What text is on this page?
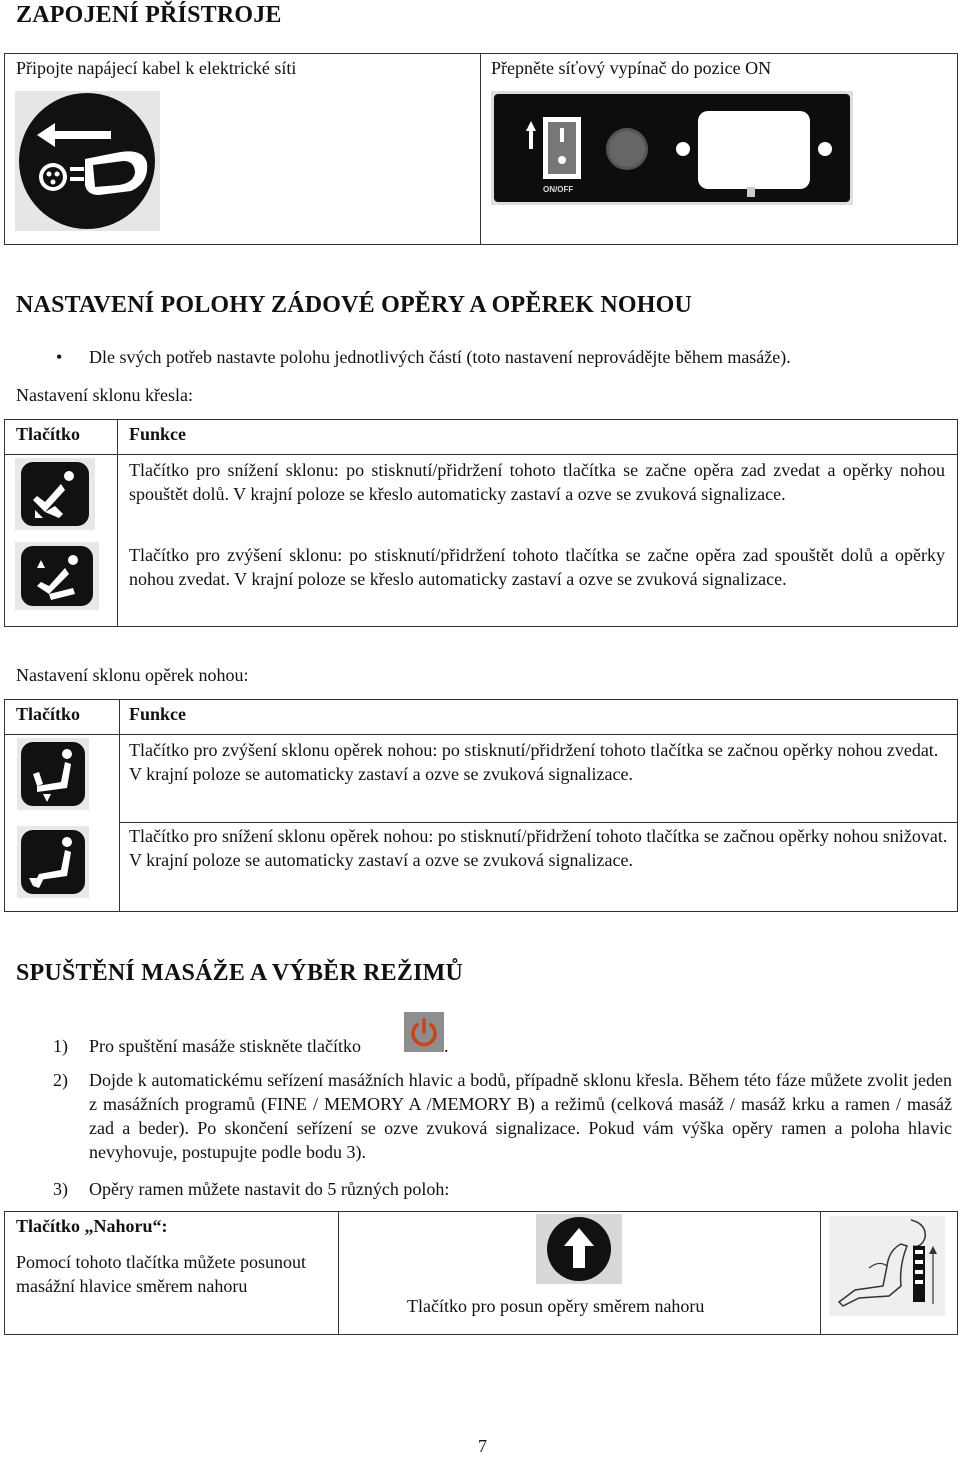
ZAPOJENÍ PŘÍSTROJE
Připojte napájecí kabel k elektrické síti	Přepněte síťový vypínač do pozice ON
ON/OFF
NASTAVENÍ POLOHY ZÁDOVÉ OPĚRY A OPĚREK NOHOU
• Dle svých potřeb nastavte polohu jednotlivých částí (toto nastavení neprovádějte během masáže).
Nastavení sklonu křesla:
Tlačítko	Funkce
Tlačítko pro snížení sklonu: po stisknutí/přidržení tohoto tlačítka se začne opěra zad zvedat a opěrky nohou spouštět dolů. V krajní poloze se křeslo automaticky zastaví a ozve se zvuková signalizace.
Tlačítko pro zvýšení sklonu: po stisknutí/přidržení tohoto tlačítka se začne opěra zad spouštět dolů a opěrky nohou zvedat. V krajní poloze se křeslo automaticky zastaví a ozve se zvuková signalizace.
Nastavení sklonu opěrek nohou:
Tlačítko	Funkce
Tlačítko pro zvýšení sklonu opěrek nohou: po stisknutí/přidržení tohoto tlačítka se začnou opěrky nohou zvedat. V krajní poloze se automaticky zastaví a ozve se zvuková signalizace.
Tlačítko pro snížení sklonu opěrek nohou: po stisknutí/přidržení tohoto tlačítka se začnou opěrky nohou snižovat. V krajní poloze se automaticky zastaví a ozve se zvuková signalizace.
SPUŠTĚNÍ MASÁŽE A VÝBĚR REŽIMŮ
1) Pro spuštění masáže stiskněte tlačítko	.
2) Dojde k automatickému seřízení masážních hlavic a bodů, případně sklonu křesla. Během této fáze můžete zvolit jeden z masážních programů (FINE / MEMORY A /MEMORY B) a režimů (celková masáž / masáž krku a ramen / masáž zad a beder). Po skončení seřízení se ozve zvuková signalizace. Pokud vám výška opěry ramen a poloha hlavic nevyhovuje, postupujte podle bodu 3).
3) Opěry ramen můžete nastavit do 5 různých poloh:
Tlačítko „Nahoru“:
Pomocí tohoto tlačítka můžete posunout masážní hlavice směrem nahoru
Tlačítko pro posun opěry směrem nahoru
7
